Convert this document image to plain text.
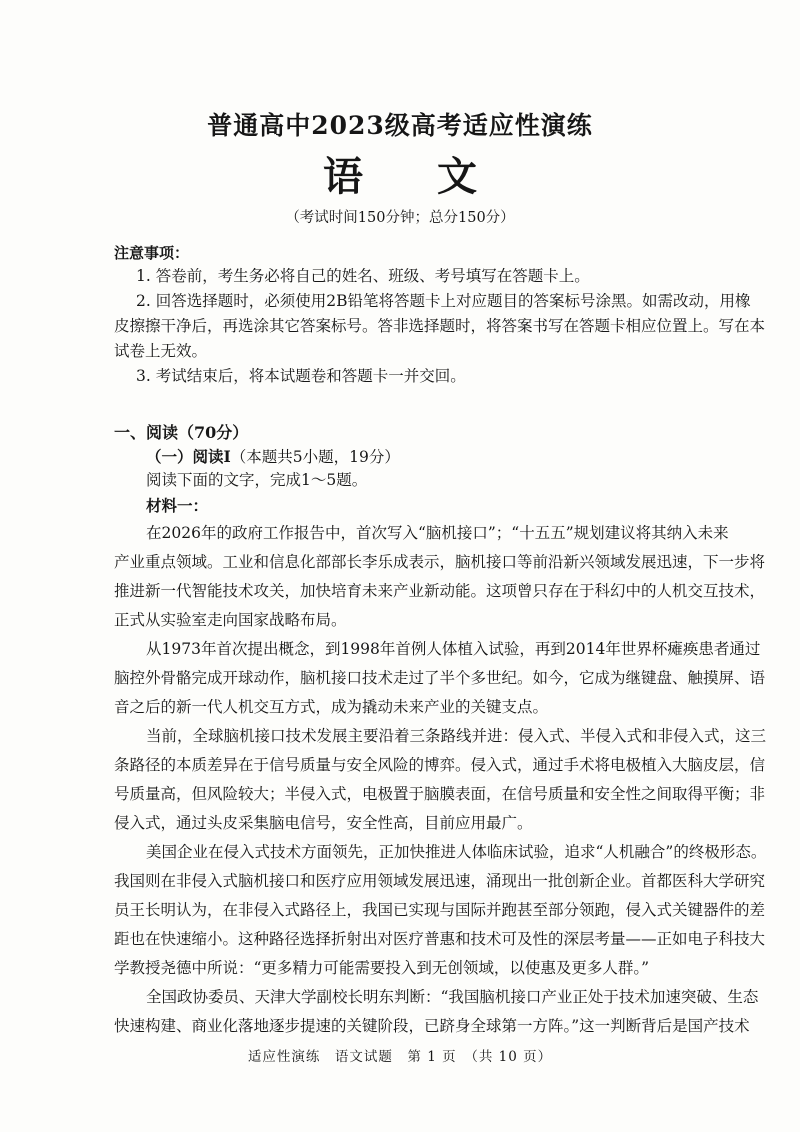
普通高中2023级高考适应性演练
语 文
（考试时间150分钟；总分150分）
注意事项：
1. 答卷前，考生务必将自己的姓名、班级、考号填写在答题卡上。
2. 回答选择题时，必须使用2B铅笔将答题卡上对应题目的答案标号涂黑。如需改动，用橡
皮擦擦干净后，再选涂其它答案标号。答非选择题时，将答案书写在答题卡相应位置上。写在本
试卷上无效。
3. 考试结束后，将本试题卷和答题卡一并交回。
一、阅读（70分）
（一）阅读Ⅰ（本题共5小题，19分）
阅读下面的文字，完成1～5题。
材料一：
在2026年的政府工作报告中，首次写入“脑机接口”；“十五五”规划建议将其纳入未来
产业重点领域。工业和信息化部部长李乐成表示，脑机接口等前沿新兴领域发展迅速，下一步将
推进新一代智能技术攻关，加快培育未来产业新动能。这项曾只存在于科幻中的人机交互技术，
正式从实验室走向国家战略布局。
从1973年首次提出概念，到1998年首例人体植入试验，再到2014年世界杯瘫痪患者通过
脑控外骨骼完成开球动作，脑机接口技术走过了半个多世纪。如今，它成为继键盘、触摸屏、语
音之后的新一代人机交互方式，成为撬动未来产业的关键支点。
当前，全球脑机接口技术发展主要沿着三条路线并进：侵入式、半侵入式和非侵入式，这三
条路径的本质差异在于信号质量与安全风险的博弈。侵入式，通过手术将电极植入大脑皮层，信
号质量高，但风险较大；半侵入式，电极置于脑膜表面，在信号质量和安全性之间取得平衡；非
侵入式，通过头皮采集脑电信号，安全性高，目前应用最广。
美国企业在侵入式技术方面领先，正加快推进人体临床试验，追求“人机融合”的终极形态。
我国则在非侵入式脑机接口和医疗应用领域发展迅速，涌现出一批创新企业。首都医科大学研究
员王长明认为，在非侵入式路径上，我国已实现与国际并跑甚至部分领跑，侵入式关键器件的差
距也在快速缩小。这种路径选择折射出对医疗普惠和技术可及性的深层考量——正如电子科技大
学教授尧德中所说：“更多精力可能需要投入到无创领域，以使惠及更多人群。”
全国政协委员、天津大学副校长明东判断：“我国脑机接口产业正处于技术加速突破、生态
快速构建、商业化落地逐步提速的关键阶段，已跻身全球第一方阵。”这一判断背后是国产技术
适应性演练　语文试题　第 1 页　（共 10 页）
